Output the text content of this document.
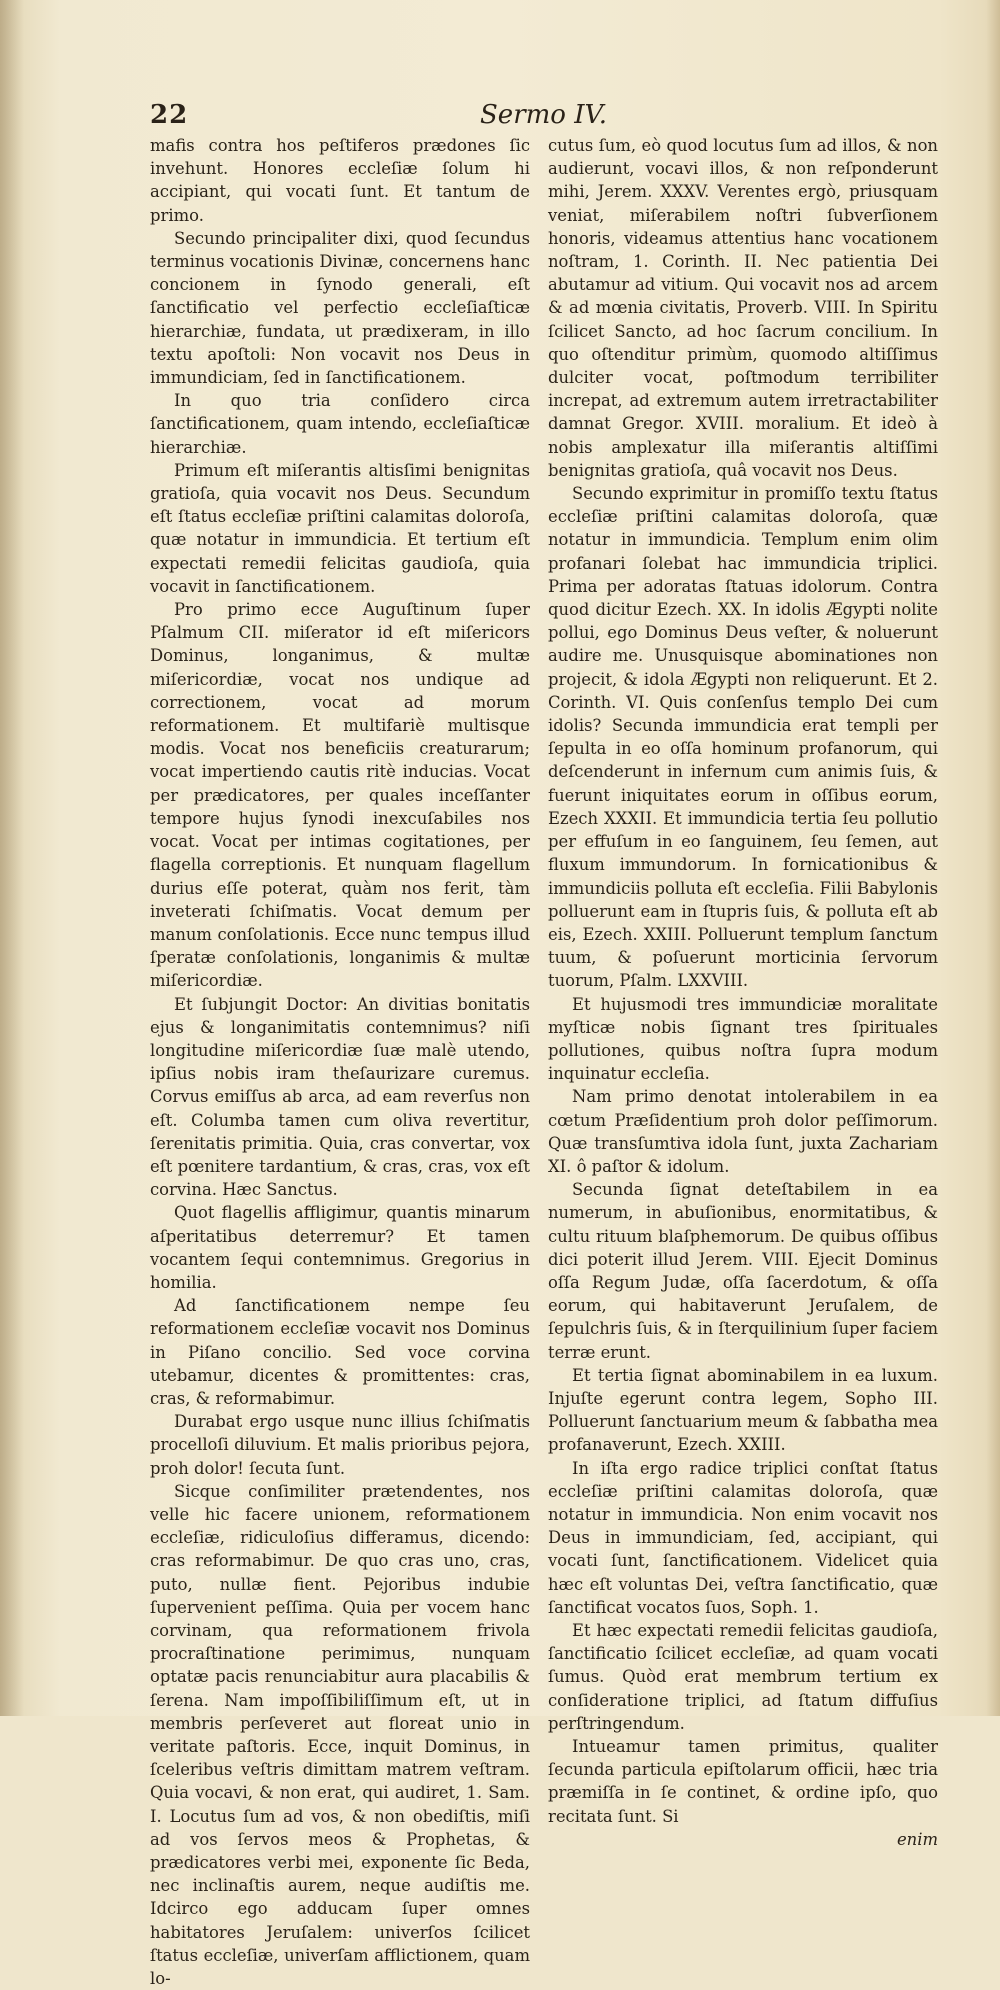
22	Sermo IV.

mafis contra hos peſtiferos prædones ſic invehunt. Honores eccleſiæ ſolum hi accipiant, qui vocati ſunt. Et tantum de primo.

Secundo principaliter dixi, quod ſecundus terminus vocationis Divinæ, concernens hanc concionem in ſynodo generali, eſt ſanctificatio vel perfectio eccleſiaſticæ hierarchiæ, fundata, ut prædixeram, in illo textu apoſtoli: Non vocavit nos Deus in immundiciam, ſed in ſanctificationem.

In quo tria conſidero circa ſanctificationem, quam intendo, eccleſiaſticæ hierarchiæ.

Primum eſt miſerantis altisſimi benignitas gratioſa, quia vocavit nos Deus. Secundum eſt ſtatus eccleſiæ priſtini calamitas doloroſa, quæ notatur in immundicia. Et tertium eſt expectati remedii felicitas gaudioſa, quia vocavit in ſanctificationem.

Pro primo ecce Auguſtinum ſuper Pſalmum CII. miſerator id eſt miſericors Dominus, longanimus, & multæ miſericordiæ, vocat nos undique ad correctionem, vocat ad morum reformationem. Et multifariè multisque modis. Vocat nos beneficiis creaturarum; vocat impertiendo cautis ritè inducias. Vocat per prædicatores, per quales inceſſanter tempore hujus ſynodi inexcuſabiles nos vocat. Vocat per intimas cogitationes, per flagella correptionis. Et nunquam flagellum durius eſſe poterat, quàm nos ferit, tàm inveterati ſchiſmatis. Vocat demum per manum conſolationis. Ecce nunc tempus illud ſperatæ conſolationis, longanimis & multæ miſericordiæ.

Et ſubjungit Doctor: An divitias bonitatis ejus & longanimitatis contemnimus? niſi longitudine miſericordiæ ſuæ malè utendo, ipſius nobis iram theſaurizare curemus. Corvus emiſſus ab arca, ad eam reverſus non eſt. Columba tamen cum oliva revertitur, ſerenitatis primitia. Quia, cras convertar, vox eſt pœnitere tardantium, & cras, cras, vox eſt corvina. Hæc Sanctus.

Quot flagellis affligimur, quantis minarum aſperitatibus deterremur? Et tamen vocantem ſequi contemnimus. Gregorius in homilia.

Ad ſanctificationem nempe ſeu reformationem eccleſiæ vocavit nos Dominus in Piſano concilio. Sed voce corvina utebamur, dicentes & promittentes: cras, cras, & reformabimur.

Durabat ergo usque nunc illius ſchiſmatis procelloſi diluvium. Et malis prioribus pejora, proh dolor! ſecuta ſunt.

Sicque conſimiliter prætendentes, nos velle hic facere unionem, reformationem eccleſiæ, ridiculoſius differamus, dicendo: cras reformabimur. De quo cras uno, cras, puto, nullæ fient. Pejoribus indubie ſupervenient peſſima. Quia per vocem hanc corvinam, qua reformationem frivola procraſtinatione perimimus, nunquam optatæ pacis renunciabitur aura placabilis & ſerena. Nam impoſſibiliſſimum eſt, ut in membris perſeveret aut floreat unio in veritate paſtoris. Ecce, inquit Dominus, in ſceleribus veſtris dimittam matrem veſtram. Quia vocavi, & non erat, qui audiret, 1. Sam. I. Locutus ſum ad vos, & non obediſtis, miſi ad vos ſervos meos & Prophetas, & prædicatores verbi mei, exponente ſic Beda, nec inclinaſtis aurem, neque audiſtis me. Idcirco ego adducam ſuper omnes habitatores Jeruſalem: univerſos ſcilicet ſtatus eccleſiæ, univerſam afflictionem, quam lo-

cutus ſum, eò quod locutus ſum ad illos, & non audierunt, vocavi illos, & non reſponderunt mihi, Jerem. XXXV. Verentes ergò, priusquam veniat, miſerabilem noſtri ſubverſionem honoris, videamus attentius hanc vocationem noſtram, 1. Corinth. II. Nec patientia Dei abutamur ad vitium. Qui vocavit nos ad arcem & ad mœnia civitatis, Proverb. VIII. In Spiritu ſcilicet Sancto, ad hoc ſacrum concilium. In quo oſtenditur primùm, quomodo altiſſimus dulciter vocat, poſtmodum terribiliter increpat, ad extremum autem irretractabiliter damnat Gregor. XVIII. moralium. Et ideò à nobis amplexatur illa miſerantis altiſſimi benignitas gratioſa, quâ vocavit nos Deus.

Secundo exprimitur in promiſſo textu ſtatus eccleſiæ priſtini calamitas doloroſa, quæ notatur in immundicia. Templum enim olim profanari ſolebat hac immundicia triplici. Prima per adoratas ſtatuas idolorum. Contra quod dicitur Ezech. XX. In idolis Ægypti nolite pollui, ego Dominus Deus veſter, & noluerunt audire me. Unusquisque abominationes non projecit, & idola Ægypti non reliquerunt. Et 2. Corinth. VI. Quis conſenſus templo Dei cum idolis? Secunda immundicia erat templi per ſepulta in eo oſſa hominum profanorum, qui deſcenderunt in infernum cum animis ſuis, & fuerunt iniquitates eorum in oſſibus eorum, Ezech XXXII. Et immundicia tertia ſeu pollutio per effuſum in eo ſanguinem, ſeu ſemen, aut fluxum immundorum. In fornicationibus & immundiciis polluta eſt eccleſia. Filii Babylonis polluerunt eam in ſtupris ſuis, & polluta eſt ab eis, Ezech. XXIII. Polluerunt templum ſanctum tuum, & poſuerunt morticinia ſervorum tuorum, Pſalm. LXXVIII.

Et hujusmodi tres immundiciæ moralitate myſticæ nobis ſignant tres ſpirituales pollutiones, quibus noſtra ſupra modum inquinatur eccleſia.

Nam primo denotat intolerabilem in ea cœtum Præſidentium proh dolor peſſimorum. Quæ transſumtiva idola ſunt, juxta Zachariam XI. ô paſtor & idolum.

Secunda ſignat deteſtabilem in ea numerum, in abuſionibus, enormitatibus, & cultu rituum blaſphemorum. De quibus oſſibus dici poterit illud Jerem. VIII. Ejecit Dominus oſſa Regum Judæ, oſſa ſacerdotum, & oſſa eorum, qui habitaverunt Jeruſalem, de ſepulchris ſuis, & in ſterquilinium ſuper faciem terræ erunt.

Et tertia ſignat abominabilem in ea luxum. Injuſte egerunt contra legem, Sopho III. Polluerunt ſanctuarium meum & ſabbatha mea profanaverunt, Ezech. XXIII.

In iſta ergo radice triplici conſtat ſtatus eccleſiæ priſtini calamitas doloroſa, quæ notatur in immundicia. Non enim vocavit nos Deus in immundiciam, ſed, accipiant, qui vocati ſunt, ſanctificationem. Videlicet quia hæc eſt voluntas Dei, veſtra ſanctificatio, quæ ſanctificat vocatos ſuos, Soph. 1.

Et hæc expectati remedii felicitas gaudioſa, ſanctificatio ſcilicet eccleſiæ, ad quam vocati ſumus. Quòd erat membrum tertium ex conſideratione triplici, ad ſtatum diffuſius perſtringendum.

Intueamur tamen primitus, qualiter ſecunda particula epiſtolarum officii, hæc tria præmiſſa in ſe continet, & ordine ipſo, quo recitata ſunt. Si

enim
